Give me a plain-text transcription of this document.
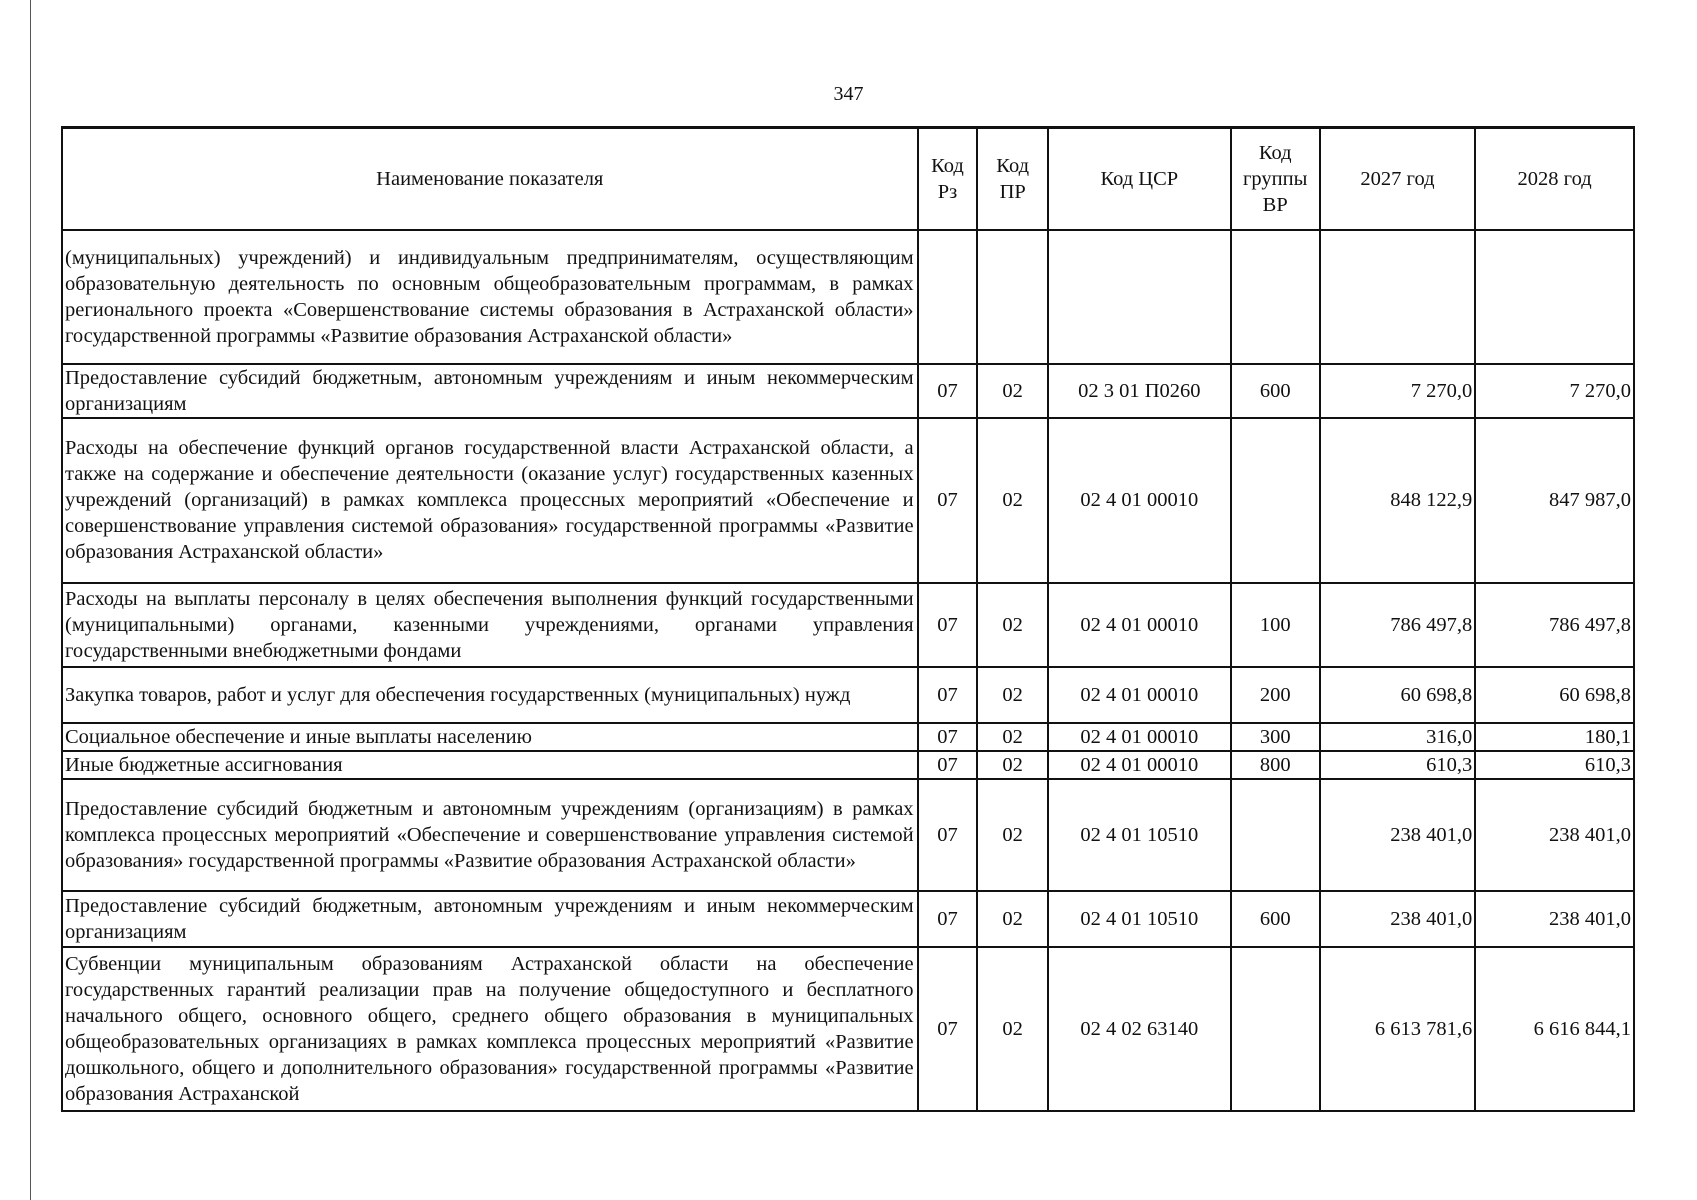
347
Наименование показателя	Код Рз	Код ПР	Код ЦСР	Код группы ВР	2027 год	2028 год
(муниципальных) учреждений) и индивидуальным предпринимателям, осуществляющим образовательную деятельность по основным общеобразовательным программам, в рамках регионального проекта «Совершенствование системы образования в Астраханской области» государственной программы «Развитие образования Астраханской области»						
Предоставление субсидий бюджетным, автономным учреждениям и иным некоммерческим организациям	07	02	02 3 01 П0260	600	7 270,0	7 270,0
Расходы на обеспечение функций органов государственной власти Астраханской области, а также на содержание и обеспечение деятельности (оказание услуг) государственных казенных учреждений (организаций) в рамках комплекса процессных мероприятий «Обеспечение и совершенствование управления системой образования» государственной программы «Развитие образования Астраханской области»	07	02	02 4 01 00010		848 122,9	847 987,0
Расходы на выплаты персоналу в целях обеспечения выполнения функций государственными (муниципальными) органами, казенными учреждениями, органами управления государственными внебюджетными фондами	07	02	02 4 01 00010	100	786 497,8	786 497,8
Закупка товаров, работ и услуг для обеспечения государственных (муниципальных) нужд	07	02	02 4 01 00010	200	60 698,8	60 698,8
Социальное обеспечение и иные выплаты населению	07	02	02 4 01 00010	300	316,0	180,1
Иные бюджетные ассигнования	07	02	02 4 01 00010	800	610,3	610,3
Предоставление субсидий бюджетным и автономным учреждениям (организациям) в рамках комплекса процессных мероприятий «Обеспечение и совершенствование управления системой образования» государственной программы «Развитие образования Астраханской области»	07	02	02 4 01 10510		238 401,0	238 401,0
Предоставление субсидий бюджетным, автономным учреждениям и иным некоммерческим организациям	07	02	02 4 01 10510	600	238 401,0	238 401,0
Субвенции муниципальным образованиям Астраханской области на обеспечение государственных гарантий реализации прав на получение общедоступного и бесплатного начального общего, основного общего, среднего общего образования в муниципальных общеобразовательных организациях в рамках комплекса процессных мероприятий «Развитие дошкольного, общего и дополнительного образования» государственной программы «Развитие образования Астраханской	07	02	02 4 02 63140		6 613 781,6	6 616 844,1
